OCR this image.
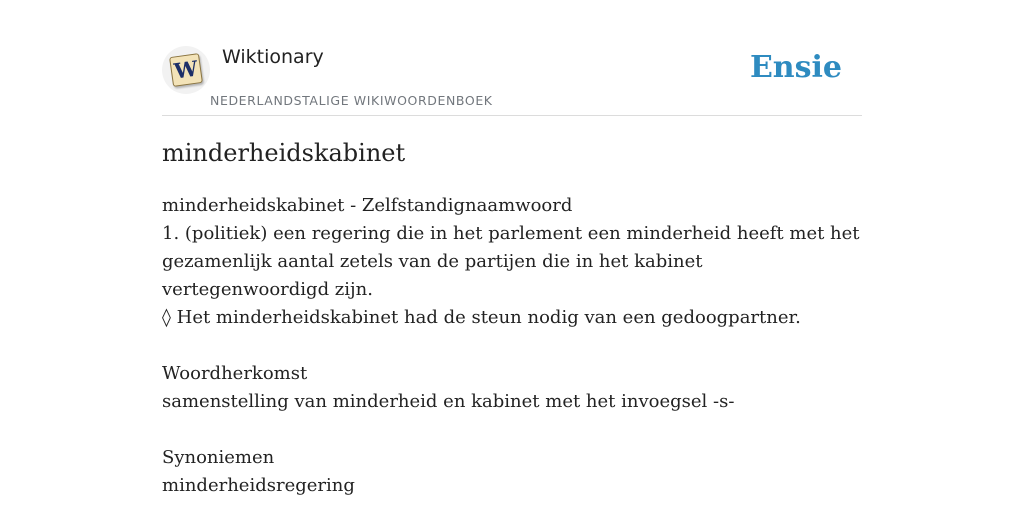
W Wiktionary
NEDERLANDSTALIGE WIKIWOORDENBOEK
Ensie
minderheidskabinet

minderheidskabinet - Zelfstandignaamwoord

1. (politiek) een regering die in het parlement een minderheid heeft met het gezamenlijk aantal zetels van de partijen die in het kabinet vertegenwoordigd zijn.

◊ Het minderheidskabinet had de steun nodig van een gedoogpartner.

Woordherkomst

samenstelling van minderheid en kabinet met het invoegsel -s-

Synoniemen

minderheidsregering
